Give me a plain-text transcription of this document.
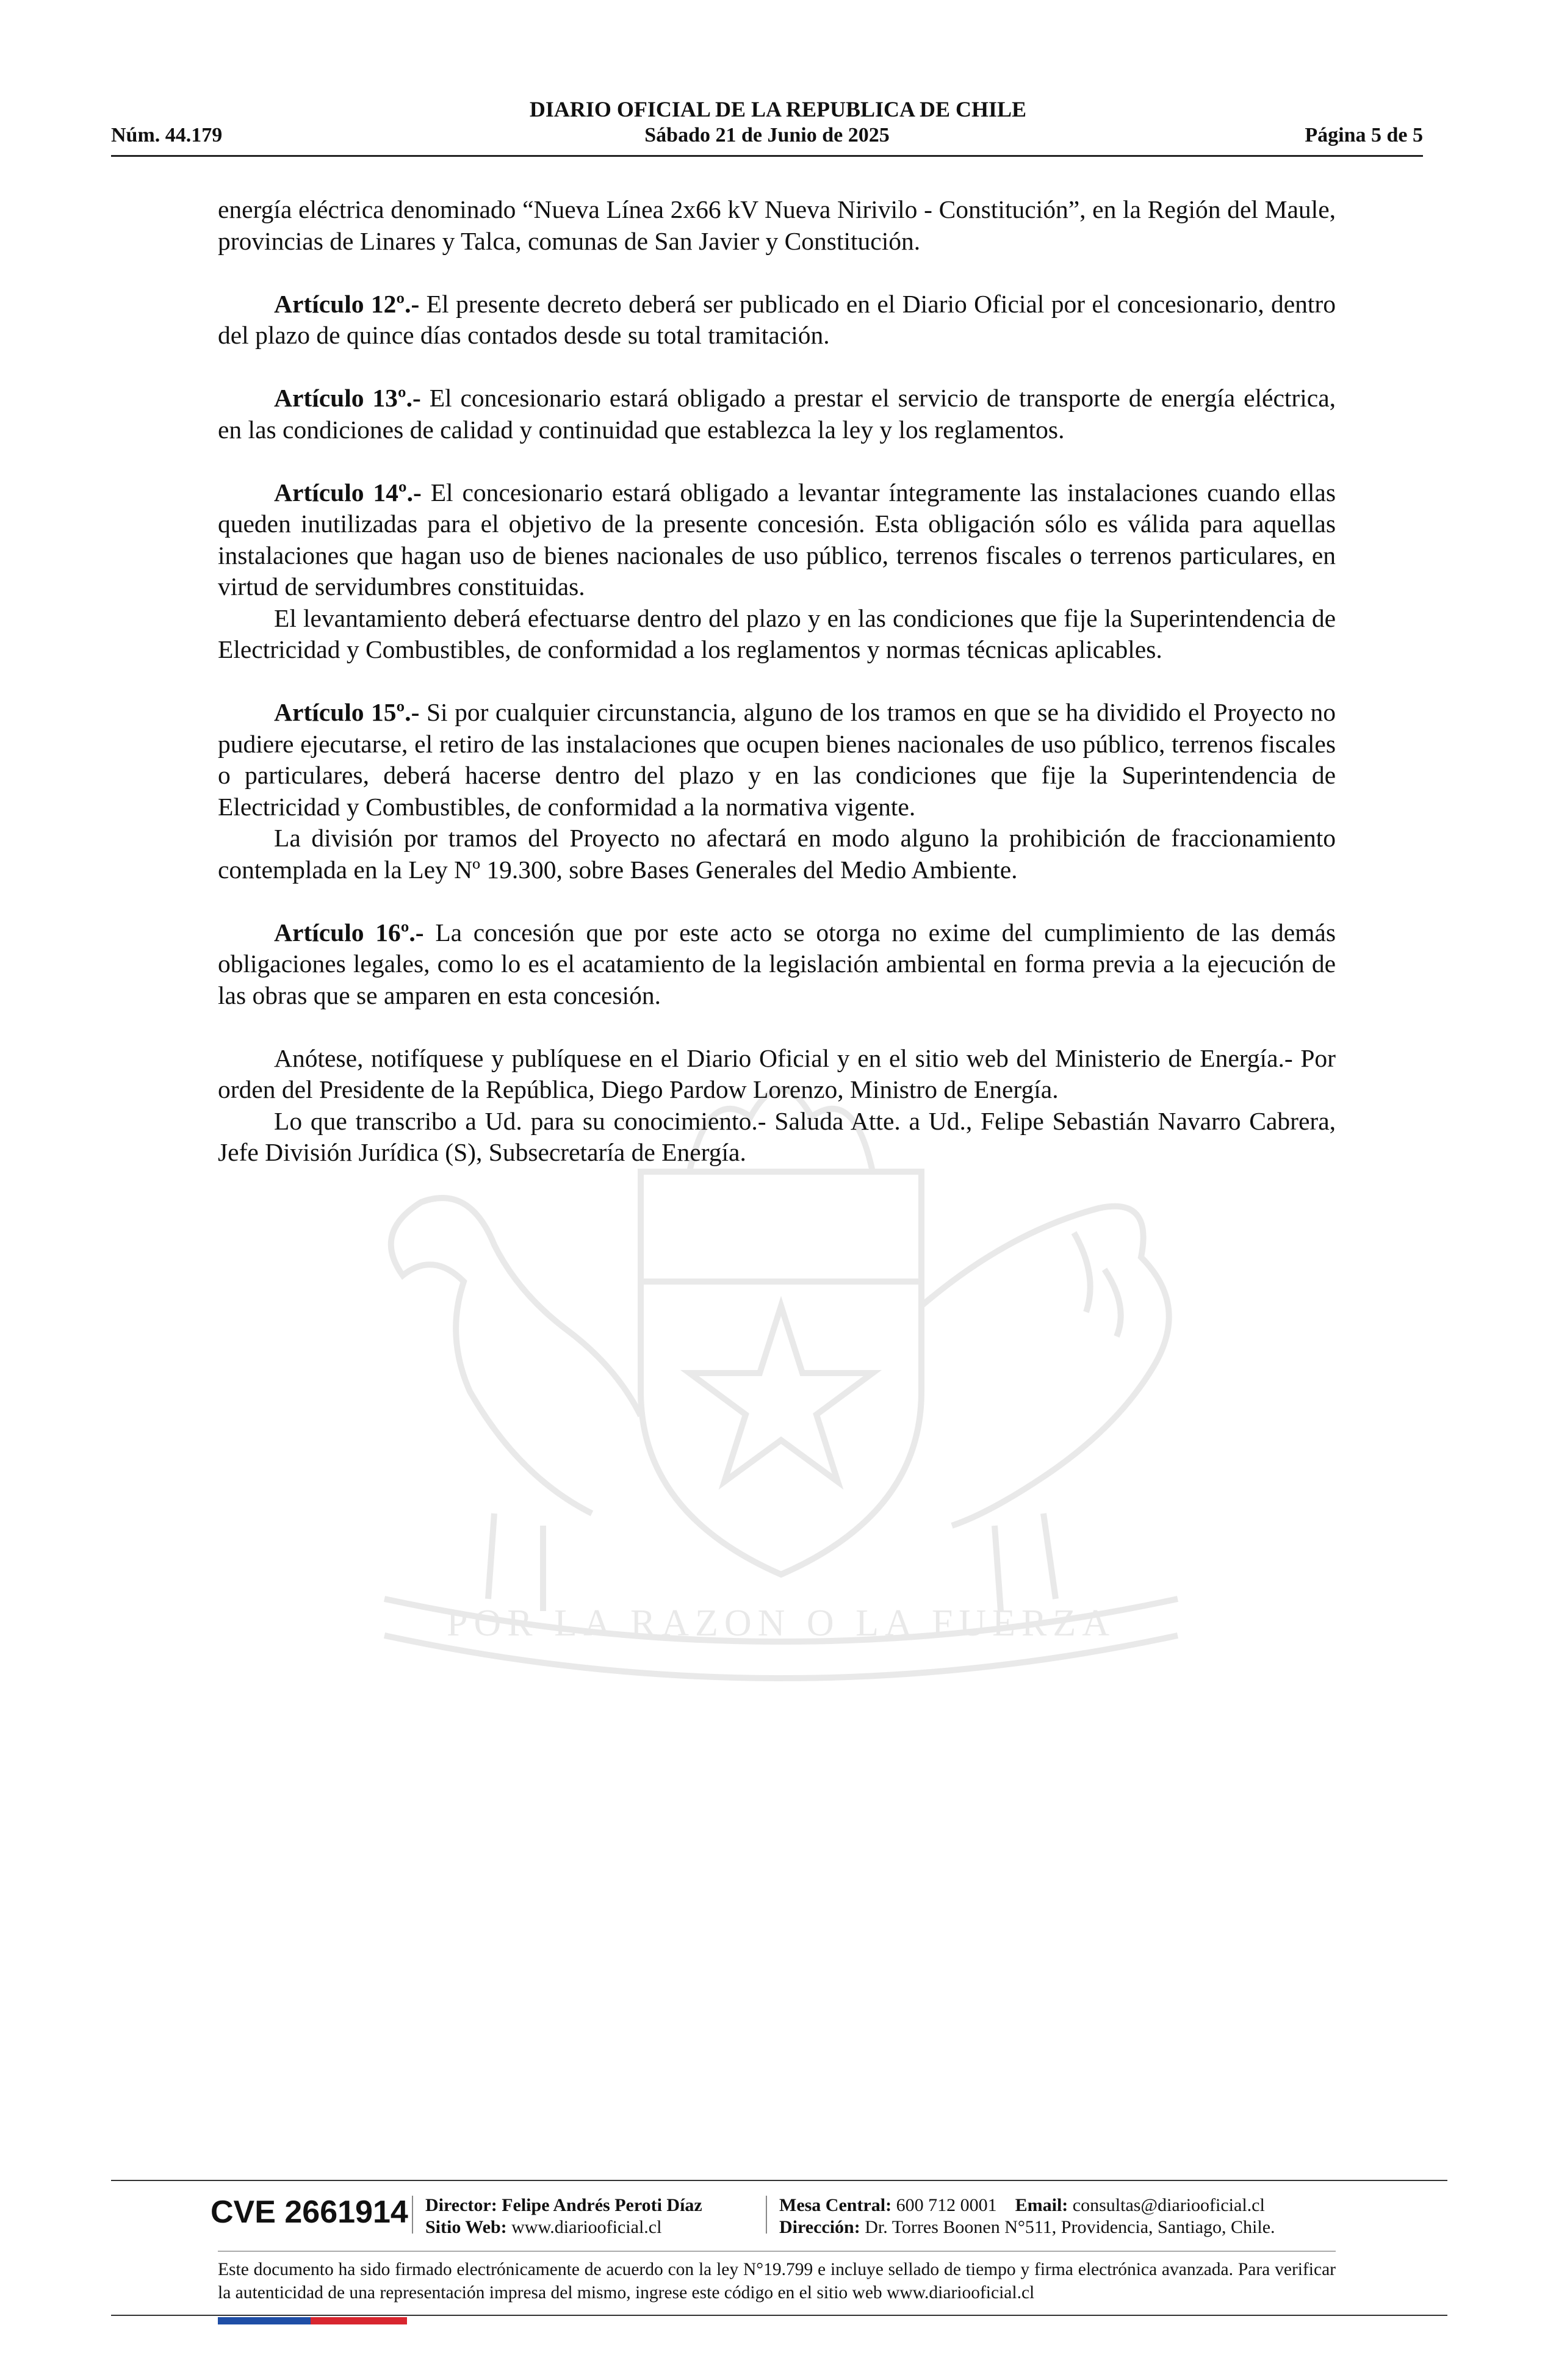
DIARIO OFICIAL DE LA REPUBLICA DE CHILE
Núm. 44.179	Sábado 21 de Junio de 2025	Página 5 de 5
POR LA RAZON O LA FUERZA

energía eléctrica denominado “Nueva Línea 2x66 kV Nueva Nirivilo - Constitución”, en la Región del Maule, provincias de Linares y Talca, comunas de San Javier y Constitución.

Artículo 12º.- El presente decreto deberá ser publicado en el Diario Oficial por el concesionario, dentro del plazo de quince días contados desde su total tramitación.

Artículo 13º.- El concesionario estará obligado a prestar el servicio de transporte de energía eléctrica, en las condiciones de calidad y continuidad que establezca la ley y los reglamentos.

Artículo 14º.- El concesionario estará obligado a levantar íntegramente las instalaciones cuando ellas queden inutilizadas para el objetivo de la presente concesión. Esta obligación sólo es válida para aquellas instalaciones que hagan uso de bienes nacionales de uso público, terrenos fiscales o terrenos particulares, en virtud de servidumbres constituidas.

El levantamiento deberá efectuarse dentro del plazo y en las condiciones que fije la Superintendencia de Electricidad y Combustibles, de conformidad a los reglamentos y normas técnicas aplicables.

Artículo 15º.- Si por cualquier circunstancia, alguno de los tramos en que se ha dividido el Proyecto no pudiere ejecutarse, el retiro de las instalaciones que ocupen bienes nacionales de uso público, terrenos fiscales o particulares, deberá hacerse dentro del plazo y en las condiciones que fije la Superintendencia de Electricidad y Combustibles, de conformidad a la normativa vigente.

La división por tramos del Proyecto no afectará en modo alguno la prohibición de fraccionamiento contemplada en la Ley Nº 19.300, sobre Bases Generales del Medio Ambiente.

Artículo 16º.- La concesión que por este acto se otorga no exime del cumplimiento de las demás obligaciones legales, como lo es el acatamiento de la legislación ambiental en forma previa a la ejecución de las obras que se amparen en esta concesión.

Anótese, notifíquese y publíquese en el Diario Oficial y en el sitio web del Ministerio de Energía.- Por orden del Presidente de la República, Diego Pardow Lorenzo, Ministro de Energía.

Lo que transcribo a Ud. para su conocimiento.- Saluda Atte. a Ud., Felipe Sebastián Navarro Cabrera, Jefe División Jurídica (S), Subsecretaría de Energía.

CVE 2661914 Director: Felipe Andrés Peroti Díaz
Sitio Web: www.diariooficial.cl
Mesa Central: 600 712 0001 Email: consultas@diariooficial.cl
Dirección: Dr. Torres Boonen N°511, Providencia, Santiago, Chile.
Este documento ha sido firmado electrónicamente de acuerdo con la ley N°19.799 e incluye sellado de tiempo y firma electrónica avanzada. Para verificar la autenticidad de una representación impresa del mismo, ingrese este código en el sitio web www.diariooficial.cl
